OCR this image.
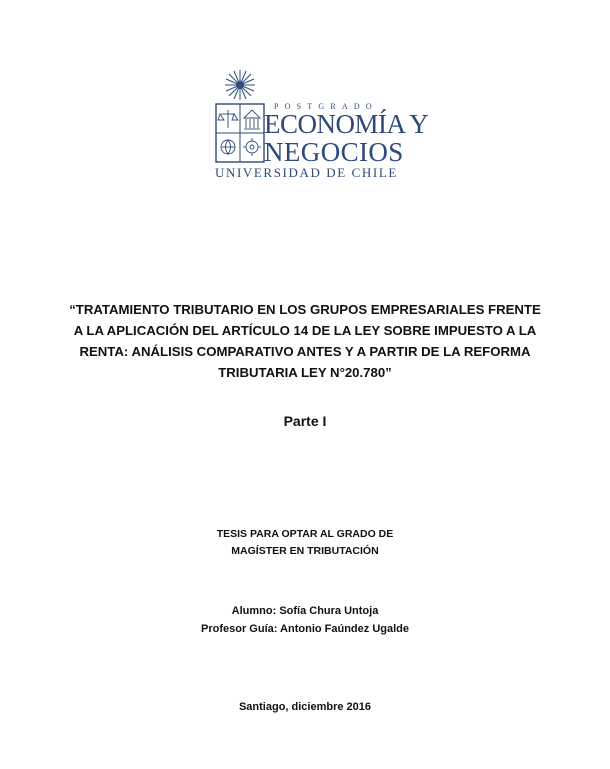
POSTGRADO
ECONOMÍA Y
NEGOCIOS
UNIVERSIDAD DE CHILE
“TRATAMIENTO TRIBUTARIO EN LOS GRUPOS EMPRESARIALES FRENTE
A LA APLICACIÓN DEL ARTÍCULO 14 DE LA LEY SOBRE IMPUESTO A LA
RENTA: ANÁLISIS COMPARATIVO ANTES Y A PARTIR DE LA REFORMA
TRIBUTARIA LEY N°20.780”
Parte I
TESIS PARA OPTAR AL GRADO DE
MAGÍSTER EN TRIBUTACIÓN
Alumno: Sofía Chura Untoja
Profesor Guía: Antonio Faúndez Ugalde
Santiago, diciembre 2016
